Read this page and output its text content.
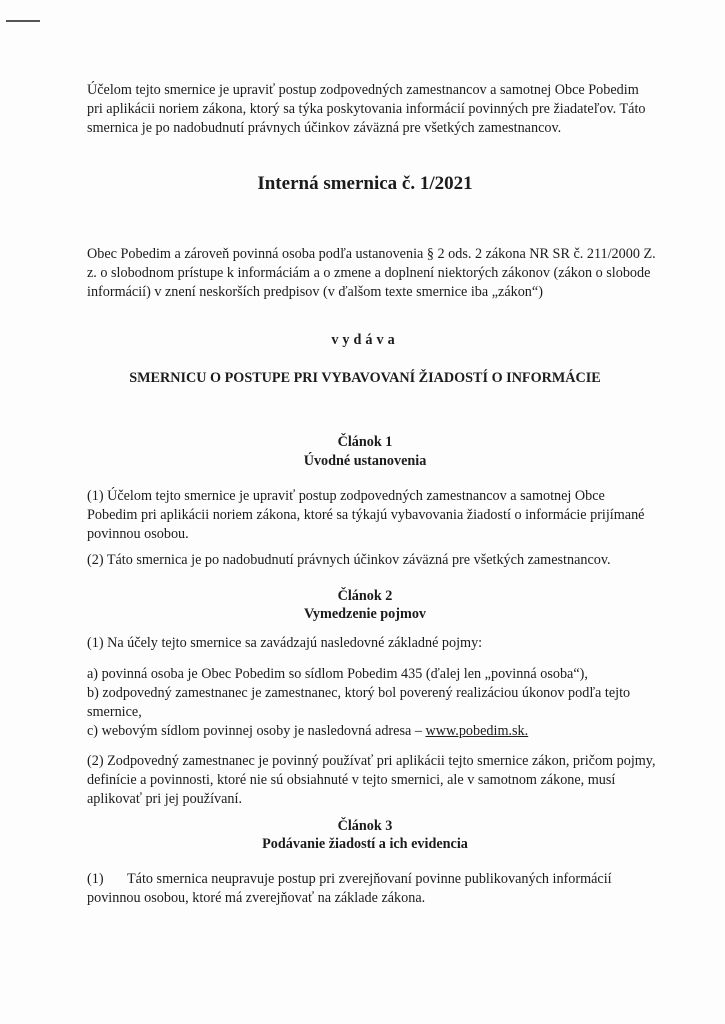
Účelom tejto smernice je upraviť postup zodpovedných zamestnancov a samotnej Obce Pobedim pri aplikácii noriem zákona, ktorý sa týka poskytovania informácií povinných pre žiadateľov. Táto smernica je po nadobudnutí právnych účinkov záväzná pre všetkých zamestnancov.

Interná smernica č. 1/2021

Obec Pobedim a zároveň povinná osoba podľa ustanovenia § 2 ods. 2 zákona NR SR č. 211/2000 Z. z. o slobodnom prístupe k informáciám a o zmene a doplnení niektorých zákonov (zákon o slobode informácií) v znení neskorších predpisov (v ďalšom texte smernice iba „zákon“)

vydáva

SMERNICU O POSTUPE PRI VYBAVOVANÍ ŽIADOSTÍ O INFORMÁCIE

Článok 1

Úvodné ustanovenia

(1) Účelom tejto smernice je upraviť postup zodpovedných zamestnancov a samotnej Obce Pobedim pri aplikácii noriem zákona, ktoré sa týkajú vybavovania žiadostí o informácie prijímané povinnou osobou.

(2) Táto smernica je po nadobudnutí právnych účinkov záväzná pre všetkých zamestnancov.

Článok 2

Vymedzenie pojmov

(1) Na účely tejto smernice sa zavádzajú nasledovné základné pojmy:

a) povinná osoba je Obec Pobedim so sídlom Pobedim 435 (ďalej len „povinná osoba“),

b) zodpovedný zamestnanec je zamestnanec, ktorý bol poverený realizáciou úkonov podľa tejto smernice,

c) webovým sídlom povinnej osoby je nasledovná adresa – www.pobedim.sk.

(2) Zodpovedný zamestnanec je povinný používať pri aplikácii tejto smernice zákon, pričom pojmy, definície a povinnosti, ktoré nie sú obsiahnuté v tejto smernici, ale v samotnom zákone, musí aplikovať pri jej používaní.

Článok 3

Podávanie žiadostí a ich evidencia

(1) Táto smernica neupravuje postup pri zverejňovaní povinne publikovaných informácií povinnou osobou, ktoré má zverejňovať na základe zákona.
